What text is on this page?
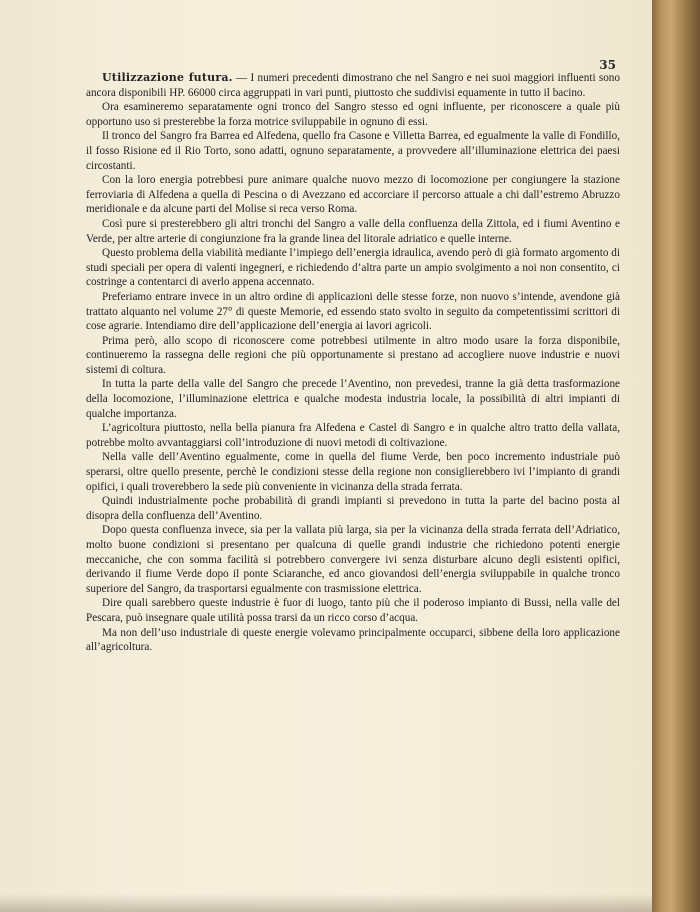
35

Utilizzazione futura. — I numeri precedenti dimostrano che nel Sangro e nei suoi maggiori influenti sono ancora disponibili HP. 66000 circa aggruppati in vari punti, piuttosto che suddivisi equamente in tutto il bacino.

Ora esamineremo separatamente ogni tronco del Sangro stesso ed ogni influente, per riconoscere a quale più opportuno uso si presterebbe la forza motrice sviluppabile in ognuno di essi.

Il tronco del Sangro fra Barrea ed Alfedena, quello fra Casone e Villetta Barrea, ed egualmente la valle di Fondillo, il fosso Risione ed il Rio Torto, sono adatti, ognuno separatamente, a provvedere all’illuminazione elettrica dei paesi circostanti.

Con la loro energia potrebbesi pure animare qualche nuovo mezzo di locomozione per congiungere la stazione ferroviaria di Alfedena a quella di Pescina o di Avezzano ed accorciare il percorso attuale a chi dall’estremo Abruzzo meridionale e da alcune parti del Molise si reca verso Roma.

Così pure si presterebbero gli altri tronchi del Sangro a valle della confluenza della Zittola, ed i fiumi Aventino e Verde, per altre arterie di congiunzione fra la grande linea del litorale adriatico e quelle interne.

Questo problema della viabilità mediante l’impiego dell’energia idraulica, avendo però di già formato argomento di studi speciali per opera di valenti ingegneri, e richiedendo d’altra parte un ampio svolgimento a noi non consentito, ci costringe a contentarci di averlo appena accennato.

Preferiamo entrare invece in un altro ordine di applicazioni delle stesse forze, non nuovo s’intende, avendone già trattato alquanto nel volume 27° di queste Memorie, ed essendo stato svolto in seguito da competentissimi scrittori di cose agrarie. Intendiamo dire dell’applicazione dell’energia ai lavori agricoli.

Prima però, allo scopo di riconoscere come potrebbesi utilmente in altro modo usare la forza disponibile, continueremo la rassegna delle regioni che più opportunamente si prestano ad accogliere nuove industrie e nuovi sistemi di coltura.

In tutta la parte della valle del Sangro che precede l’Aventino, non prevedesi, tranne la già detta trasformazione della locomozione, l’illuminazione elettrica e qualche modesta industria locale, la possibilità di altri impianti di qualche importanza.

L’agricoltura piuttosto, nella bella pianura fra Alfedena e Castel di Sangro e in qualche altro tratto della vallata, potrebbe molto avvantaggiarsi coll’introduzione di nuovi metodi di coltivazione.

Nella valle dell’Aventino egualmente, come in quella del fiume Verde, ben poco incremento industriale può sperarsi, oltre quello presente, perchè le condizioni stesse della regione non consiglierebbero ivi l’impianto di grandi opifici, i quali troverebbero la sede più conveniente in vicinanza della strada ferrata.

Quindi industrialmente poche probabilità di grandi impianti si prevedono in tutta la parte del bacino posta al disopra della confluenza dell’Aventino.

Dopo questa confluenza invece, sia per la vallata più larga, sia per la vicinanza della strada ferrata dell’Adriatico, molto buone condizioni si presentano per qualcuna di quelle grandi industrie che richiedono potenti energie meccaniche, che con somma facilità si potrebbero convergere ivi senza disturbare alcuno degli esistenti opifici, derivando il fiume Verde dopo il ponte Sciaranche, ed anco giovandosi dell’energia sviluppabile in qualche tronco superiore del Sangro, da trasportarsi egualmente con trasmissione elettrica.

Dire quali sarebbero queste industrie è fuor di luogo, tanto più che il poderoso impianto di Bussi, nella valle del Pescara, può insegnare quale utilità possa trarsi da un ricco corso d’acqua.

Ma non dell’uso industriale di queste energie volevamo principalmente occuparci, sibbene della loro applicazione all’agricoltura.
